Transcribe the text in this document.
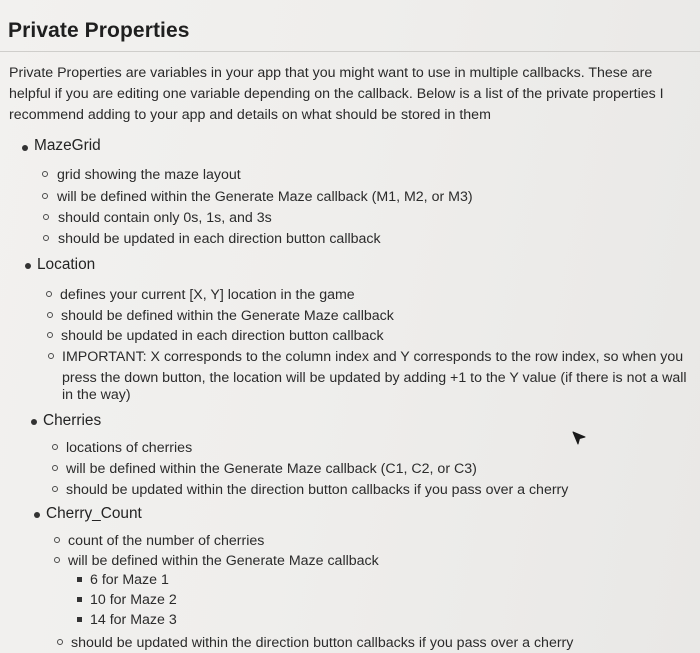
Private Properties
Private Properties are variables in your app that you might want to use in multiple callbacks. These are helpful if you are editing one variable depending on the callback. Below is a list of the private properties I recommend adding to your app and details on what should be stored in them
MazeGrid
grid showing the maze layout
will be defined within the Generate Maze callback (M1, M2, or M3)
should contain only 0s, 1s, and 3s
should be updated in each direction button callback
Location
defines your current [X, Y] location in the game
should be defined within the Generate Maze callback
should be updated in each direction button callback
IMPORTANT: X corresponds to the column index and Y corresponds to the row index, so when you
press the down button, the location will be updated by adding +1 to the Y value (if there is not a wall
in the way)
Cherries
locations of cherries
will be defined within the Generate Maze callback (C1, C2, or C3)
should be updated within the direction button callbacks if you pass over a cherry
Cherry_Count
count of the number of cherries
will be defined within the Generate Maze callback
6 for Maze 1
10 for Maze 2
14 for Maze 3
should be updated within the direction button callbacks if you pass over a cherry
